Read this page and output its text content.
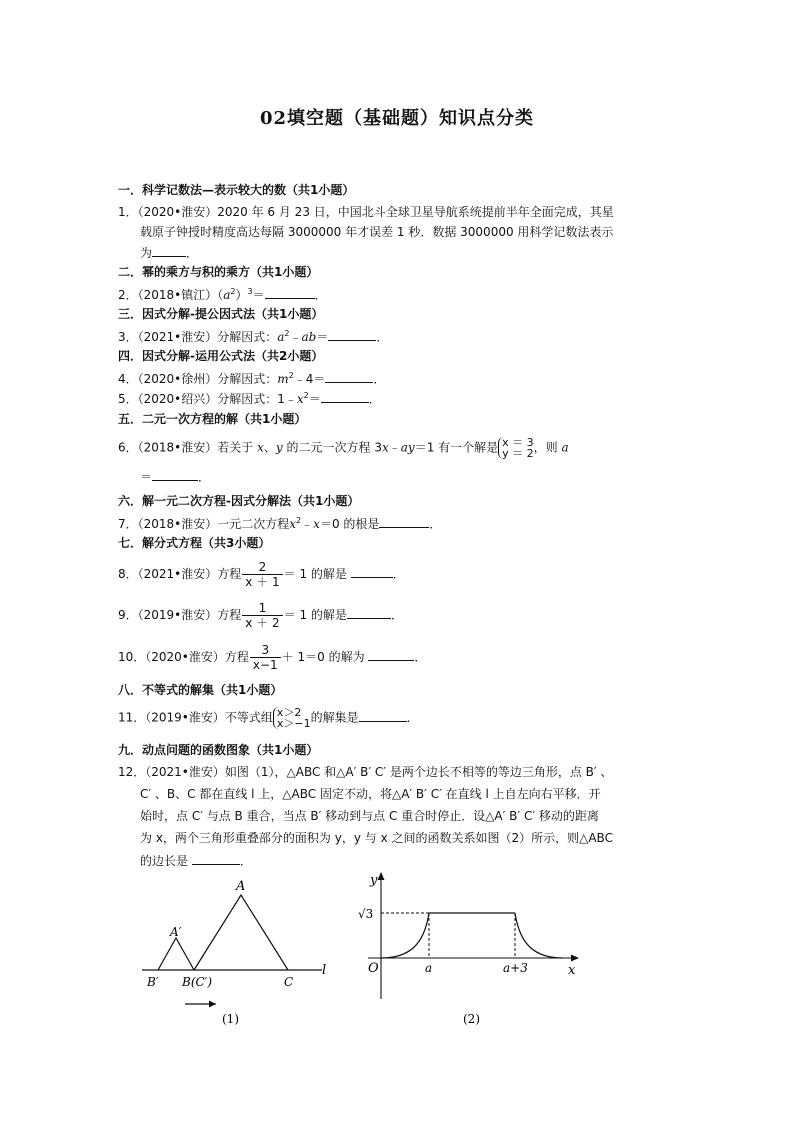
02填空题（基础题）知识点分类
一．科学记数法—表示较大的数（共1小题）
1．（2020•淮安）2020 年 6 月 23 日，中国北斗全球卫星导航系统提前半年全面完成，其星
载原子钟授时精度高达每隔 3000000 年才误差 1 秒．数据 3000000 用科学记数法表示
为	．
二．幂的乘方与积的乘方（共1小题）
2．（2018•镇江）$(a^2)^3=$	．
三．因式分解-提公因式法（共1小题）
3．（2021•淮安）分解因式：$a^2﹣ab=$	．
四．因式分解-运用公式法（共2小题）
4．（2020•徐州）分解因式：$m^2﹣4=$	．
5．（2020•绍兴）分解因式：$1﹣x^2=$	．
五．二元一次方程的解（共1小题）
6．（2018•淮安）若关于 x、y 的二元一次方程 3x﹣ay＝1 有一个解是 x ＝ 3
y ＝ 2 ，则 a
＝	．
六．解一元二次方程-因式分解法（共1小题）
7．（2018•淮安）一元二次方程$x^2﹣x=0$ 的根是	．
七．解分式方程（共3小题）
8．（2021•淮安）方程 $\frac{2}{x + 1} = 1$ 的解是	．
9．（2019•淮安）方程 $\frac{1}{x + 2} = 1$ 的解是	．
10．（2020•淮安）方程 $\frac{3}{x-1} + 1=0$ 的解为	．
八．不等式的解集（共1小题）
11．（2019•淮安）不等式组 x＞2
x＞−1 的解集是	．
九．动点问题的函数图象（共1小题）
12．（2021•淮安）如图（1），△ABC 和△A′ B′ C′ 是两个边长不相等的等边三角形，点 B′ 、
C′ 、B、C 都在直线 l 上，△ABC 固定不动，将△A′ B′ C′ 在直线 l 上自左向右平移．开
始时，点 C′ 与点 B 重合，当点 B′ 移动到与点 C 重合时停止．设△A′ B′ C′ 移动的距离
为 x，两个三角形重叠部分的面积为 y，y 与 x 之间的函数关系如图（2）所示，则△ABC
的边长是	．
A
A′
B′ B(C′)	C
l
(1)
y
x
O
√3
a	a+3
(2)
